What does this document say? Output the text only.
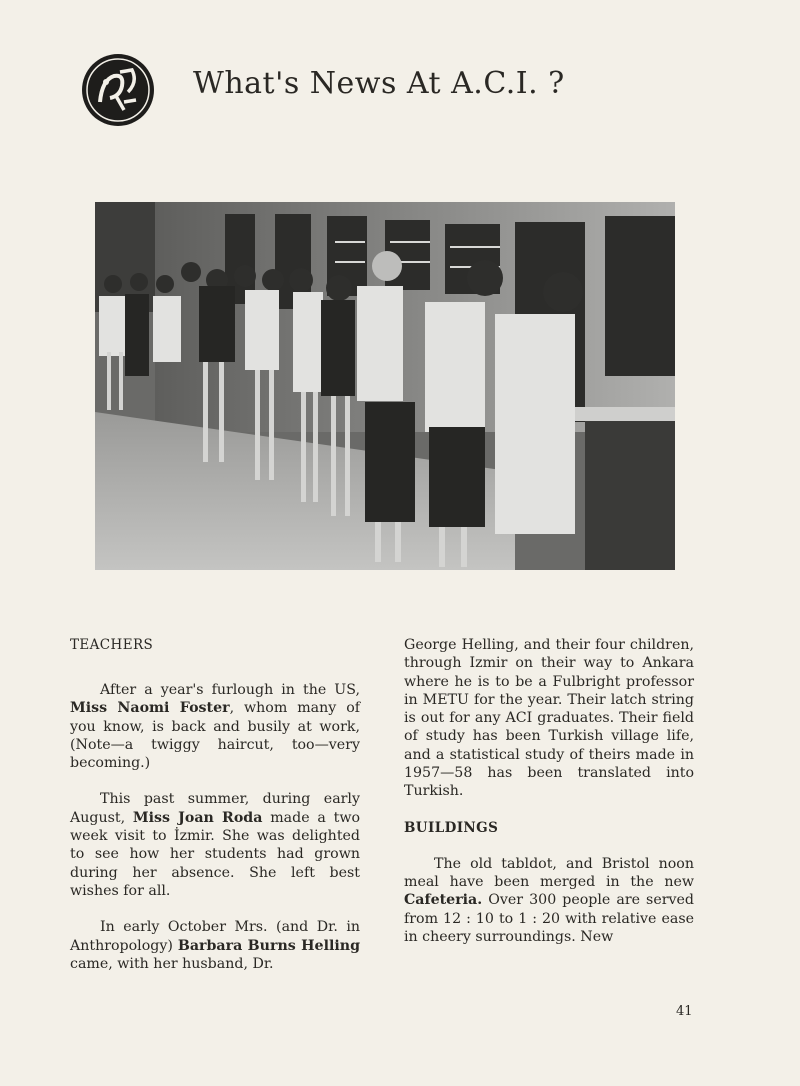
What's News At A.C.I. ?

TEACHERS

After a year's furlough in the US, Miss Naomi Foster, whom many of you know, is back and busily at work, (Note—a twiggy haircut, too—very becoming.)

This past summer, during early August, Miss Joan Roda made a two week visit to İzmir. She was delighted to see how her students had grown during her absence. She left best wishes for all.

In early October Mrs. (and Dr. in Anthropology) Barbara Burns Helling came, with her husband, Dr.

George Helling, and their four children, through Izmir on their way to Ankara where he is to be a Fulbright professor in METU for the year. Their latch string is out for any ACI graduates. Their field of study has been Turkish village life, and a statistical study of theirs made in 1957—58 has been translated into Turkish.

BUILDINGS

The old tabldot, and Bristol noon meal have been merged in the new Cafeteria. Over 300 people are served from 12 : 10 to 1 : 20 with relative ease in cheery surroundings. New

41
